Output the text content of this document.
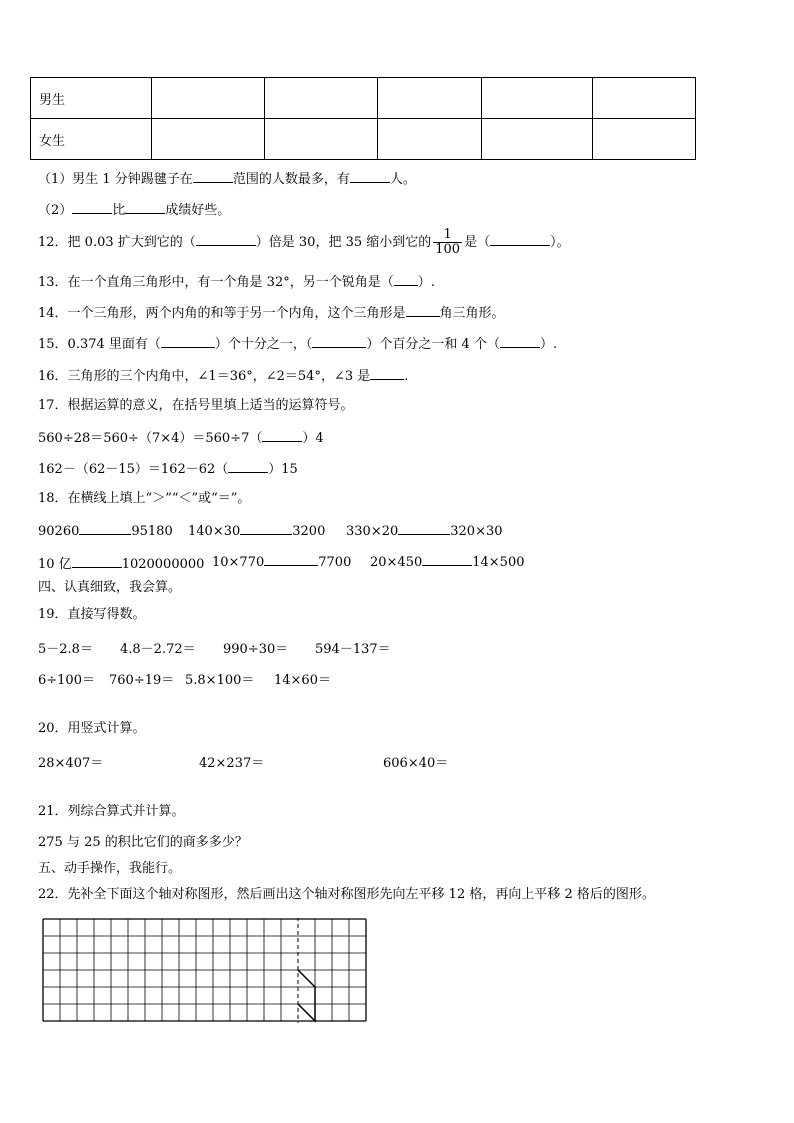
男生					
女生					
（1）男生 1 分钟踢毽子在	范围的人数最多，有	人。
（2）	比	成绩好些。
12．把 0.03 扩大到它的（	）倍是 30，把 35 缩小到它的 $\frac{1}{100}$ 是（	）。
13．在一个直角三角形中，有一个角是 32°，另一个锐角是（ ）.
14．一个三角形，两个内角的和等于另一个内角，这个三角形是	角三角形。
15．0.374 里面有（	）个十分之一，（	）个百分之一和 4 个（	）.
16．三角形的三个内角中，∠1＝36°，∠2＝54°，∠3 是	.
17．根据运算的意义，在括号里填上适当的运算符号。
560÷28＝560÷（7×4）＝560÷7（	）4
162－（62－15）＝162－62（	）15
18．在横线上填上“＞”“＜”或“＝”。
90260	95180 140×30	3200 330×20	320×30
10 亿	1020000000 10×770	7700 20×450	14×500
四、认真细致，我会算。
19．直接写得数。
5－2.8＝ 4.8－2.72＝ 990÷30＝ 594－137＝
6÷100＝ 760÷19＝ 5.8×100＝ 14×60＝
20．用竖式计算。
28×407＝	42×237＝	606×40＝
21．列综合算式并计算。
275 与 25 的积比它们的商多多少？
五、动手操作，我能行。
22．先补全下面这个轴对称图形，然后画出这个轴对称图形先向左平移 12 格，再向上平移 2 格后的图形。
